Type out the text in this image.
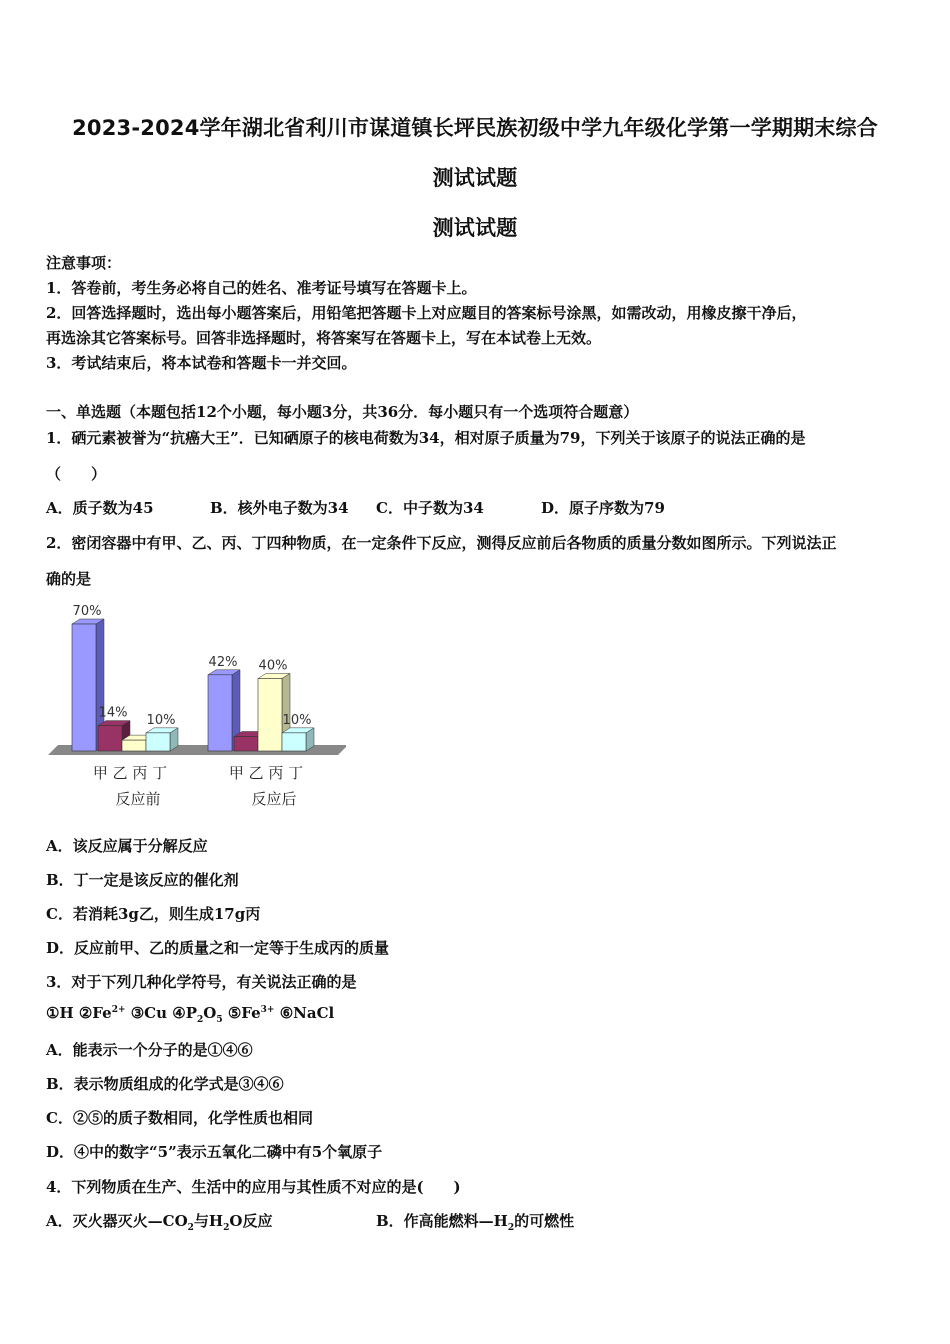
2023-2024学年湖北省利川市谋道镇长坪民族初级中学九年级化学第一学期期末综合
测试试题
测试试题
注意事项：
1．答卷前，考生务必将自己的姓名、准考证号填写在答题卡上。
2．回答选择题时，选出每小题答案后，用铅笔把答题卡上对应题目的答案标号涂黑，如需改动，用橡皮擦干净后，
再选涂其它答案标号。回答非选择题时，将答案写在答题卡上，写在本试卷上无效。
3．考试结束后，将本试卷和答题卡一并交回。
一、单选题（本题包括12个小题，每小题3分，共36分．每小题只有一个选项符合题意）
1．硒元素被誉为“抗癌大王”．已知硒原子的核电荷数为34，相对原子质量为79，下列关于该原子的说法正确的是
（　　）
A．质子数为45	B．核外电子数为34 C．中子数为34	D．原子序数为79
2．密闭容器中有甲、乙、丙、丁四种物质，在一定条件下反应，测得反应前后各物质的质量分数如图所示。下列说法正
确的是
70%
14% 10%
甲 乙 丙 丁
反应前
42% 40%
10%
甲 乙 丙 丁
反应后
A．该反应属于分解反应
B．丁一定是该反应的催化剂
C．若消耗3g乙，则生成17g丙
D．反应前甲、乙的质量之和一定等于生成丙的质量
3．对于下列几种化学符号，有关说法正确的是
①H $②Fe^{2+}$ ③Cu $④P_2O_5$ $⑤Fe^{3+}$ ⑥NaCl
A．能表示一个分子的是①④⑥
B．表示物质组成的化学式是③④⑥
C．②⑤的质子数相同，化学性质也相同
D．④中的数字“5”表示五氧化二磷中有5个氧原子
4．下列物质在生产、生活中的应用与其性质不对应的是(　　)
A．灭火器灭火$—CO_2$与$H_2O$反应	B．作高能燃料$—H_2$的可燃性
